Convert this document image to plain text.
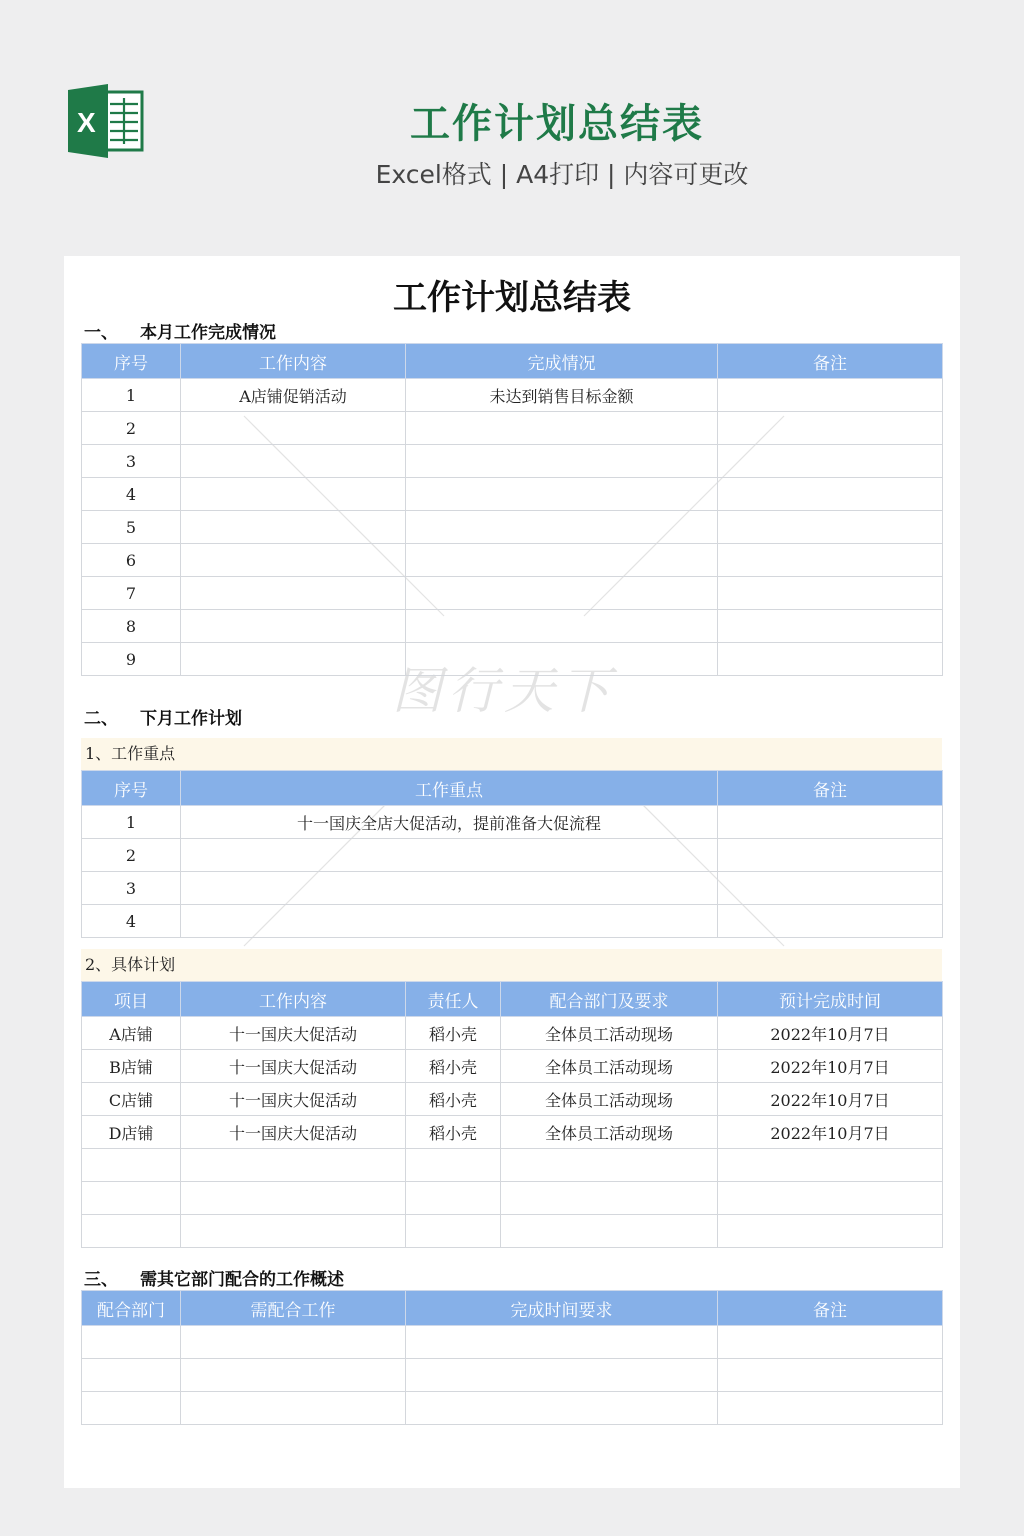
X	工作计划总结表
Excel格式 | A4打印 | 内容可更改
图行天下
工作计划总结表
一、 本月工作完成情况
序号	工作内容	完成情况	备注
1	A店铺促销活动	未达到销售目标金额	
2			
3			
4			
5			
6			
7			
8			
9			
二、 下月工作计划
1、工作重点
序号	工作重点	备注
1	十一国庆全店大促活动，提前准备大促流程	
2		
3		
4		
2、具体计划
项目	工作内容	责任人	配合部门及要求	预计完成时间
A店铺	十一国庆大促活动	稻小壳	全体员工活动现场	2022年10月7日
B店铺	十一国庆大促活动	稻小壳	全体员工活动现场	2022年10月7日
C店铺	十一国庆大促活动	稻小壳	全体员工活动现场	2022年10月7日
D店铺	十一国庆大促活动	稻小壳	全体员工活动现场	2022年10月7日

三、 需其它部门配合的工作概述
配合部门	需配合工作	完成时间要求	备注
